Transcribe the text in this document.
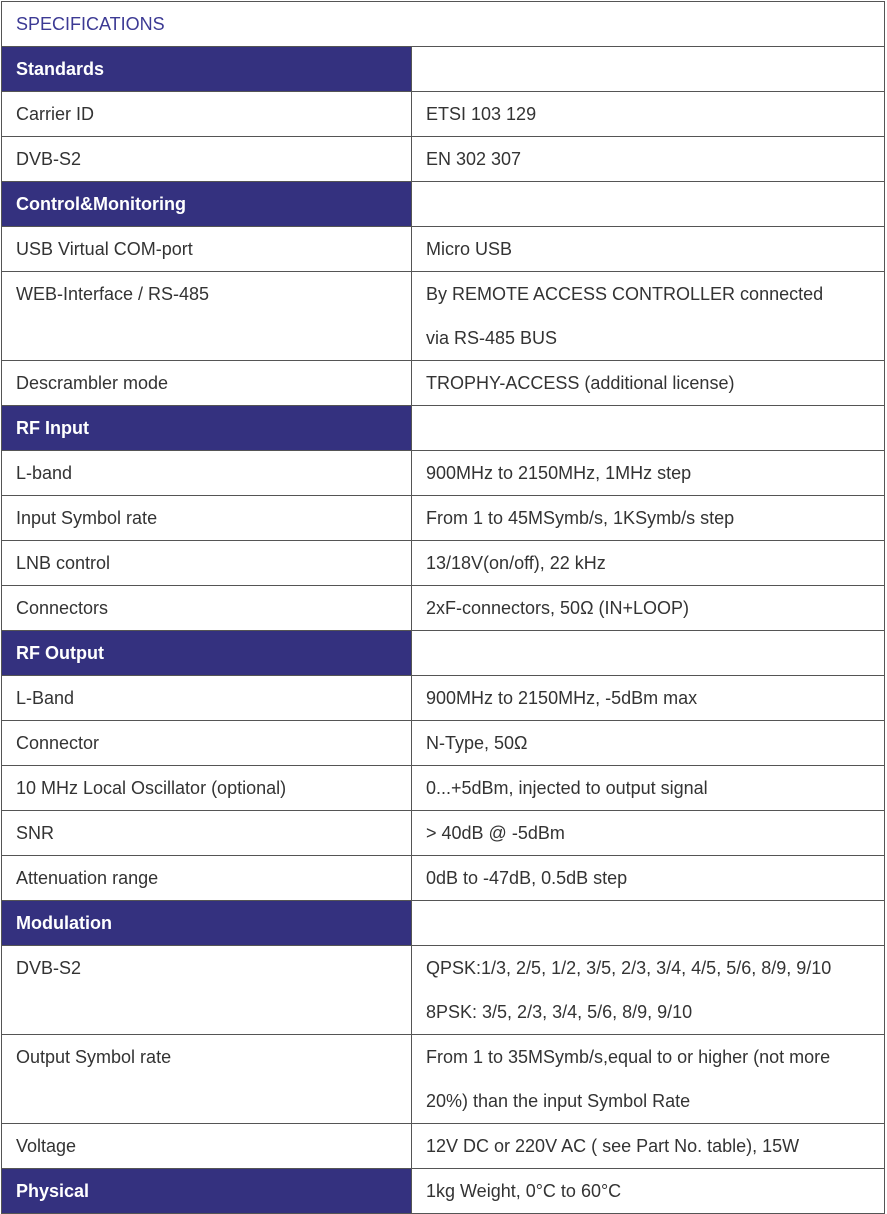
SPECIFICATIONS	
Standards	
Carrier ID	ETSI 103 129

DVB-S2	EN 302 307

Control&Monitoring	
USB Virtual COM-port	Micro USB

WEB-Interface / RS-485	By REMOTE ACCESS CONTROLLER connected
via RS-485 BUS

Descrambler mode	TROPHY-ACCESS (additional license)

RF Input	
L-band	900MHz to 2150MHz, 1MHz step

Input Symbol rate	From 1 to 45MSymb/s, 1KSymb/s step

LNB control	13/18V(on/off), 22 kHz

Connectors	2xF-connectors, 50Ω (IN+LOOP)

RF Output	
L-Band	900MHz to 2150MHz, -5dBm max

Connector	N-Type, 50Ω

10 MHz Local Oscillator (optional)	0...+5dBm, injected to output signal

SNR	> 40dB @ -5dBm

Attenuation range	0dB to -47dB, 0.5dB step

Modulation	
DVB-S2	QPSK:1/3, 2/5, 1/2, 3/5, 2/3, 3/4, 4/5, 5/6, 8/9, 9/10
8PSK: 3/5, 2/3, 3/4, 5/6, 8/9, 9/10

Output Symbol rate	From 1 to 35MSymb/s,equal to or higher (not more
20%) than the input Symbol Rate

Voltage	12V DC or 220V AC ( see Part No. table), 15W

Physical	1kg Weight, 0°C to 60°C
